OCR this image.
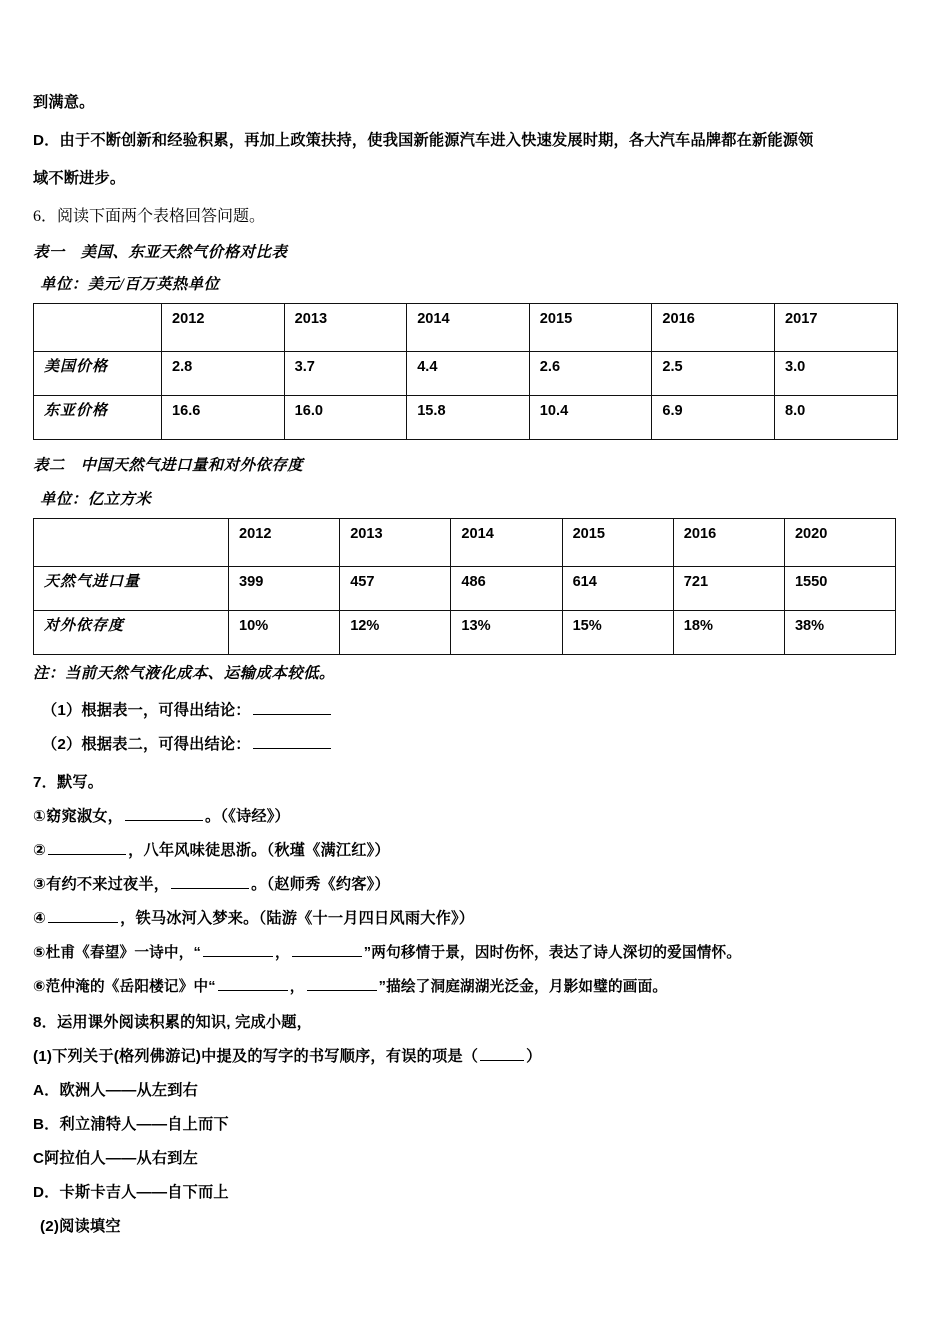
到满意。
D．由于不断创新和经验积累，再加上政策扶持，使我国新能源汽车进入快速发展时期，各大汽车品牌都在新能源领
域不断进步。
6．阅读下面两个表格回答问题。
表一　美国、东亚天然气价格对比表
单位：美元/百万英热单位
	2012	2013	2014	2015	2016	2017
美国价格	2.8	3.7	4.4	2.6	2.5	3.0
东亚价格	16.6	16.0	15.8	10.4	6.9	8.0
表二　中国天然气进口量和对外依存度
单位：亿立方米
	2012	2013	2014	2015	2016	2020
天然气进口量	399	457	486	614	721	1550
对外依存度	10%	12%	13%	15%	18%	38%
注：当前天然气液化成本、运输成本较低。
（1）根据表一，可得出结论：
（2）根据表二，可得出结论：
7．默写。
①窈窕淑女，	。（《诗经》）
②	，八年风味徒思浙。（秋瑾《满江红》）
③有约不来过夜半，	。（赵师秀《约客》）
④	，铁马冰河入梦来。（陆游《十一月四日风雨大作》）
⑤杜甫《春望》一诗中，“	，	”两句移情于景，因时伤怀，表达了诗人深切的爱国情怀。
⑥范仲淹的《岳阳楼记》中“	，	”描绘了洞庭湖湖光泛金，月影如璧的画面。
8．运用课外阅读积累的知识, 完成小题，
(1)下列关于(格列佛游记)中提及的写字的书写顺序，有误的项是（	）
A．欧洲人——从左到右
B．利立浦特人——自上而下
C阿拉伯人——从右到左
D．卡斯卡吉人——自下而上
(2)阅读填空
